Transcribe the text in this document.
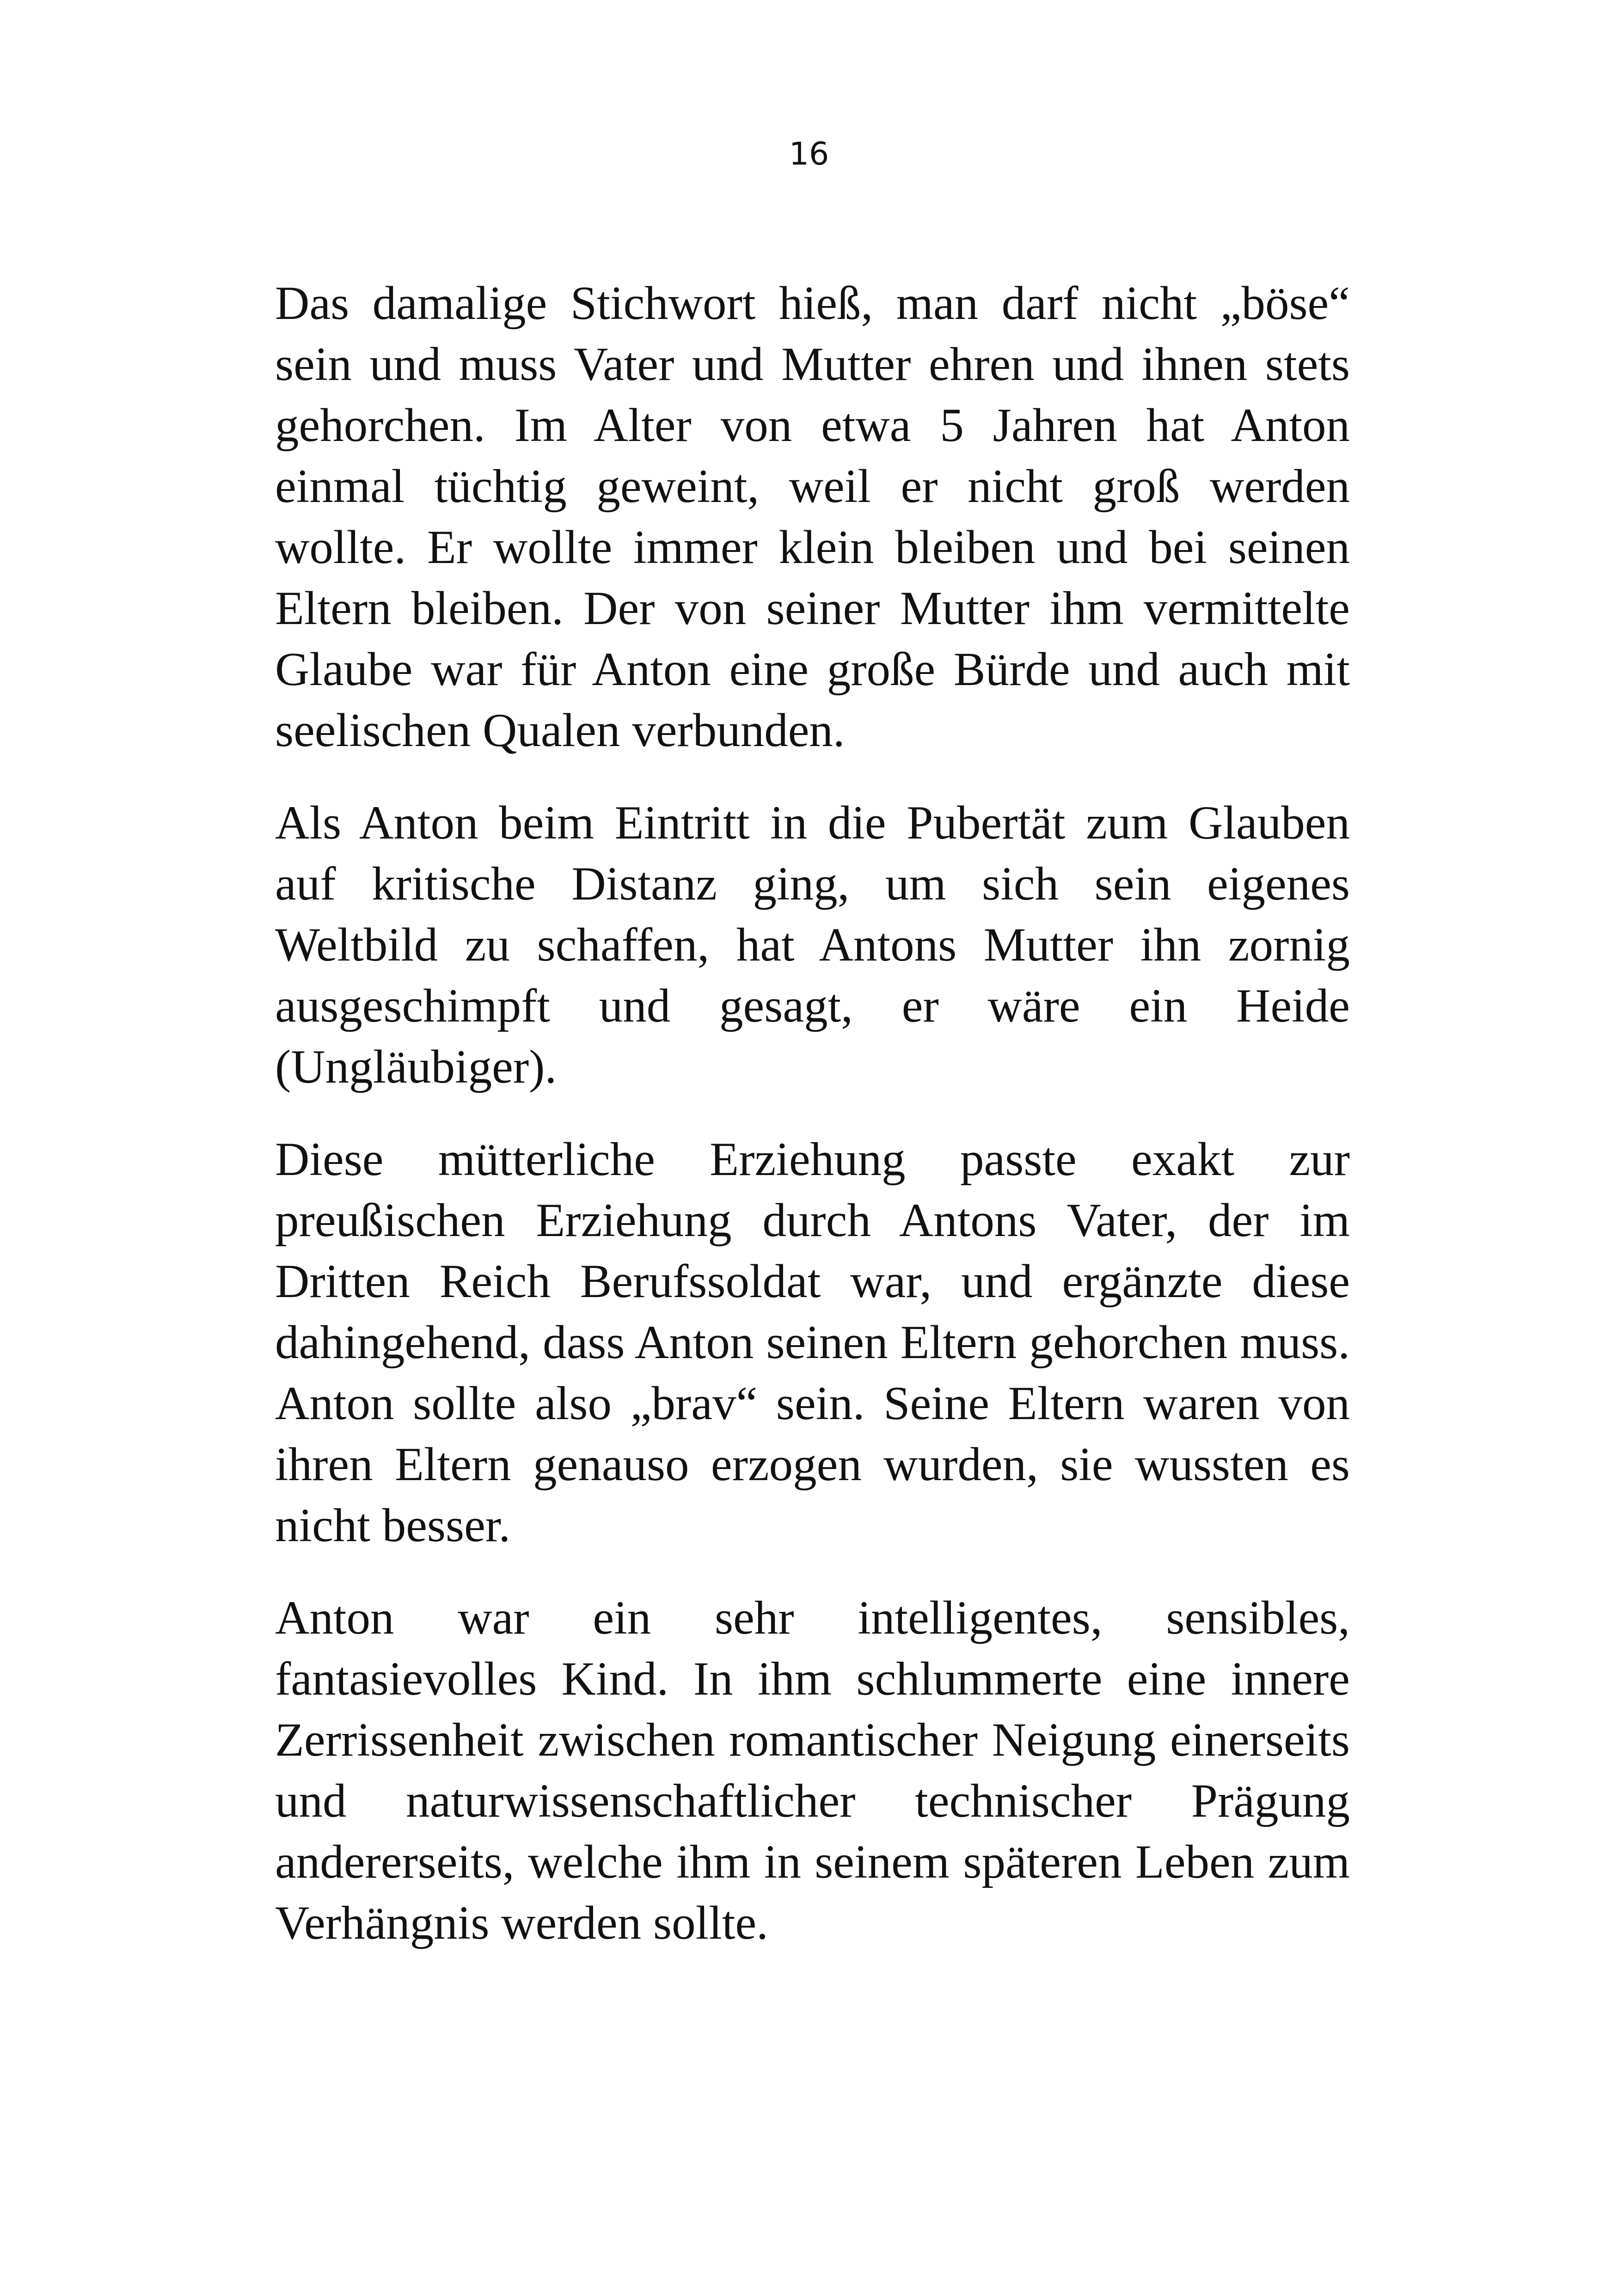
16

Das damalige Stichwort hieß, man darf nicht „böse“ sein und muss Vater und Mutter ehren und ihnen stets gehorchen. Im Alter von etwa 5 Jahren hat Anton einmal tüchtig geweint, weil er nicht groß werden wollte. Er wollte immer klein bleiben und bei seinen Eltern bleiben. Der von seiner Mutter ihm vermittelte Glaube war für Anton eine große Bürde und auch mit seelischen Qualen verbunden.

Als Anton beim Eintritt in die Pubertät zum Glauben auf kritische Distanz ging, um sich sein eigenes Weltbild zu schaffen, hat Antons Mutter ihn zornig ausgeschimpft und gesagt, er wäre ein Heide (Ungläubiger).

Diese mütterliche Erziehung passte exakt zur preußischen Erziehung durch Antons Vater, der im Dritten Reich Berufssoldat war, und ergänzte diese dahingehend, dass Anton seinen Eltern gehorchen muss. Anton sollte also „brav“ sein. Seine Eltern waren von ihren Eltern genauso erzogen wurden, sie wussten es nicht besser.

Anton war ein sehr intelligentes, sensibles, fantasievolles Kind. In ihm schlummerte eine innere Zerrissenheit zwischen romantischer Neigung einerseits und naturwissenschaftlicher technischer Prägung andererseits, welche ihm in seinem späteren Leben zum Verhängnis werden sollte.
